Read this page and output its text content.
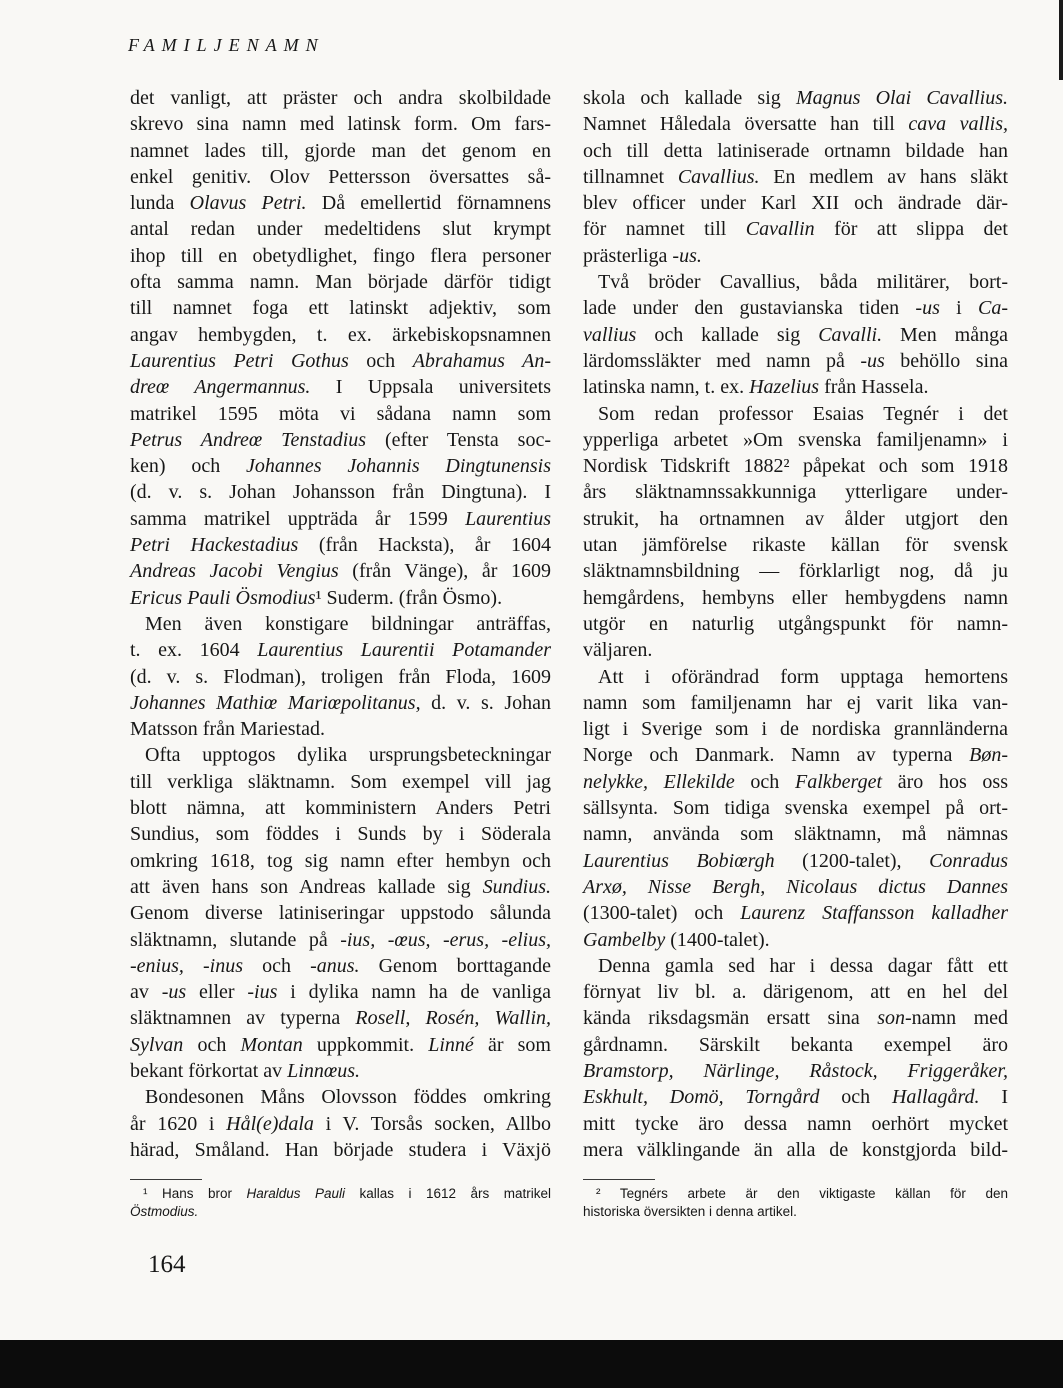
FAMILJENAMN
det vanligt, att präster och andra skolbildade
skrevo sina namn med latinsk form. Om fars-
namnet lades till, gjorde man det genom en
enkel genitiv. Olov Pettersson översattes så-
lunda Olavus Petri. Då emellertid förnamnens
antal redan under medeltidens slut krympt
ihop till en obetydlighet, fingo flera personer
ofta samma namn. Man började därför tidigt
till namnet foga ett latinskt adjektiv, som
angav hembygden, t. ex. ärkebiskopsnamnen
Laurentius Petri Gothus och Abrahamus An-
dreœ Angermannus. I Uppsala universitets
matrikel 1595 möta vi sådana namn som
Petrus Andreœ Tenstadius (efter Tensta soc-
ken) och Johannes Johannis Dingtunensis
(d. v. s. Johan Johansson från Dingtuna). I
samma matrikel uppträda år 1599 Laurentius
Petri Hackestadius (från Hacksta), år 1604
Andreas Jacobi Vengius (från Vänge), år 1609
Ericus Pauli Ösmodius¹ Suderm. (från Ösmo).
Men även konstigare bildningar anträffas,
t. ex. 1604 Laurentius Laurentii Potamander
(d. v. s. Flodman), troligen från Floda, 1609
Johannes Mathiœ Mariœpolitanus, d. v. s. Johan
Matsson från Mariestad.
Ofta upptogos dylika ursprungsbeteckningar
till verkliga släktnamn. Som exempel vill jag
blott nämna, att komministern Anders Petri
Sundius, som föddes i Sunds by i Söderala
omkring 1618, tog sig namn efter hembyn och
att även hans son Andreas kallade sig Sundius.
Genom diverse latiniseringar uppstodo sålunda
släktnamn, slutande på -ius, -œus, -erus, -elius,
-enius, -inus och -anus. Genom borttagande
av -us eller -ius i dylika namn ha de vanliga
släktnamnen av typerna Rosell, Rosén, Wallin,
Sylvan och Montan uppkommit. Linné är som
bekant förkortat av Linnœus.
Bondesonen Måns Olovsson föddes omkring
år 1620 i Hål(e)dala i V. Torsås socken, Allbo
härad, Småland. Han började studera i Växjö
skola och kallade sig Magnus Olai Cavallius.
Namnet Håledala översatte han till cava vallis,
och till detta latiniserade ortnamn bildade han
tillnamnet Cavallius. En medlem av hans släkt
blev officer under Karl XII och ändrade där-
för namnet till Cavallin för att slippa det
prästerliga -us.
Två bröder Cavallius, båda militärer, bort-
lade under den gustavianska tiden -us i Ca-
vallius och kallade sig Cavalli. Men många
lärdomssläkter med namn på -us behöllo sina
latinska namn, t. ex. Hazelius från Hassela.
Som redan professor Esaias Tegnér i det
ypperliga arbetet »Om svenska familjenamn» i
Nordisk Tidskrift 1882² påpekat och som 1918
års släktnamnssakkunniga ytterligare under-
strukit, ha ortnamnen av ålder utgjort den
utan jämförelse rikaste källan för svensk
släktnamnsbildning — förklarligt nog, då ju
hemgårdens, hembyns eller hembygdens namn
utgör en naturlig utgångspunkt för namn-
väljaren.
Att i oförändrad form upptaga hemortens
namn som familjenamn har ej varit lika van-
ligt i Sverige som i de nordiska grannländerna
Norge och Danmark. Namn av typerna Bøn-
nelykke, Ellekilde och Falkberget äro hos oss
sällsynta. Som tidiga svenska exempel på ort-
namn, använda som släktnamn, må nämnas
Laurentius Bobiœrgh (1200-talet), Conradus
Arxø, Nisse Bergh, Nicolaus dictus Dannes
(1300-talet) och Laurenz Staffansson kalladher
Gambelby (1400-talet).
Denna gamla sed har i dessa dagar fått ett
förnyat liv bl. a. därigenom, att en hel del
kända riksdagsmän ersatt sina son-namn med
gårdnamn. Särskilt bekanta exempel äro
Bramstorp, Närlinge, Råstock, Friggeråker,
Eskhult, Domö, Torngård och Hallagård. I
mitt tycke äro dessa namn oerhört mycket
mera välklingande än alla de konstgjorda bild-
¹ Hans bror Haraldus Pauli kallas i 1612 års matrikel
Östmodius.
² Tegnérs arbete är den viktigaste källan för den
historiska översikten i denna artikel.
164
